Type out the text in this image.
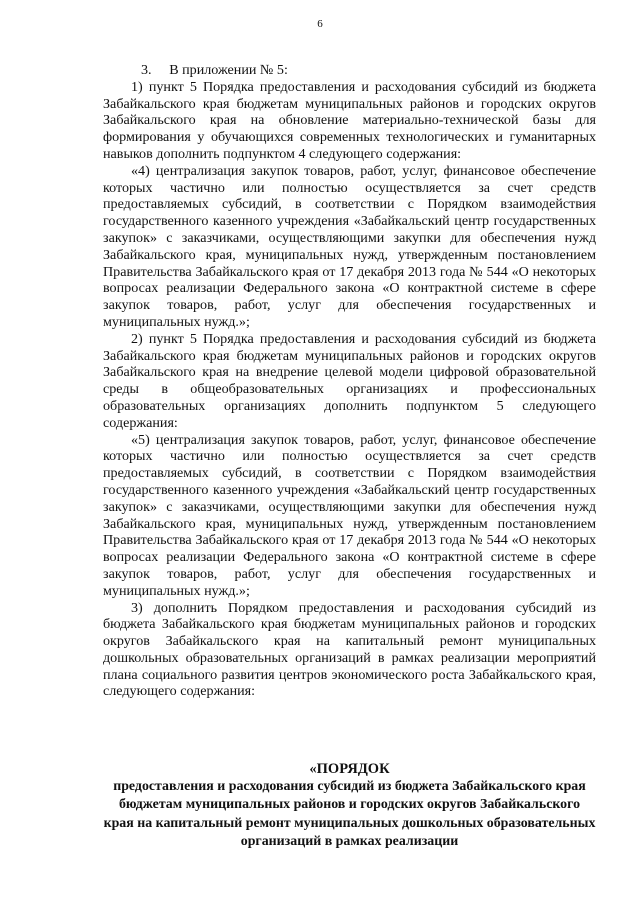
6

3.     В приложении № 5:

1) пункт 5 Порядка предоставления и расходования субсидий из бюджета Забайкальского края бюджетам муниципальных районов и городских округов Забайкальского края на обновление материально-технической базы для формирования у обучающихся современных технологических и гуманитарных навыков дополнить подпунктом 4 следующего содержания:

«4) централизация закупок товаров, работ, услуг, финансовое обеспечение которых частично или полностью осуществляется за счет средств предоставляемых субсидий, в соответствии с Порядком взаимодействия государственного казенного учреждения «Забайкальский центр государственных закупок» с заказчиками, осуществляющими закупки для обеспечения нужд Забайкальского края, муниципальных нужд, утвержденным постановлением Правительства Забайкальского края от 17 декабря 2013 года № 544 «О некоторых вопросах реализации Федерального закона «О контрактной системе в сфере закупок товаров, работ, услуг для обеспечения государственных и муниципальных нужд.»;

2) пункт 5 Порядка предоставления и расходования субсидий из бюджета Забайкальского края бюджетам муниципальных районов и городских округов Забайкальского края на внедрение целевой модели цифровой образовательной среды в общеобразовательных организациях и профессиональных образовательных организациях дополнить подпунктом 5 следующего содержания:

«5) централизация закупок товаров, работ, услуг, финансовое обеспечение которых частично или полностью осуществляется за счет средств предоставляемых субсидий, в соответствии с Порядком взаимодействия государственного казенного учреждения «Забайкальский центр государственных закупок» с заказчиками, осуществляющими закупки для обеспечения нужд Забайкальского края, муниципальных нужд, утвержденным постановлением Правительства Забайкальского края от 17 декабря 2013 года № 544 «О некоторых вопросах реализации Федерального закона «О контрактной системе в сфере закупок товаров, работ, услуг для обеспечения государственных и муниципальных нужд.»;

3) дополнить Порядком предоставления и расходования субсидий из бюджета Забайкальского края бюджетам муниципальных районов и городских округов Забайкальского края на капитальный ремонт муниципальных дошкольных образовательных организаций в рамках реализации мероприятий плана социального развития центров экономического роста Забайкальского края, следующего содержания:

«ПОРЯДОК
предоставления и расходования субсидий из бюджета Забайкальского края бюджетам муниципальных районов и городских округов Забайкальского края на капитальный ремонт муниципальных дошкольных образовательных организаций в рамках реализации
